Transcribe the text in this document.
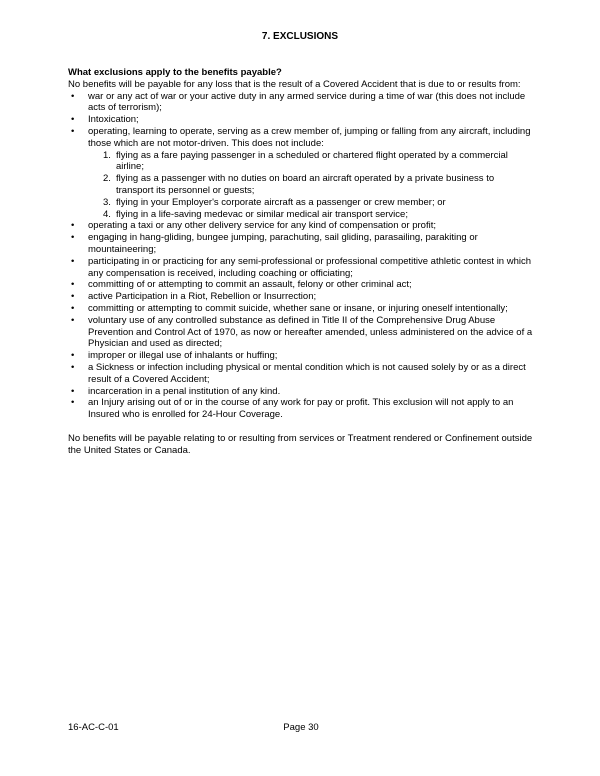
7. EXCLUSIONS
What exclusions apply to the benefits payable?

No benefits will be payable for any loss that is the result of a Covered Accident that is due to or results from:

•	war or any act of war or your active duty in any armed service during a time of war (this does not include acts of terrorism);
•	Intoxication;
•	operating, learning to operate, serving as a crew member of, jumping or falling from any aircraft, including those which are not motor-driven. This does not include:
1. flying as a fare paying passenger in a scheduled or chartered flight operated by a commercial airline;
2. flying as a passenger with no duties on board an aircraft operated by a private business to transport its personnel or guests;
3. flying in your Employer's corporate aircraft as a passenger or crew member; or
4. flying in a life-saving medevac or similar medical air transport service;
•	operating a taxi or any other delivery service for any kind of compensation or profit;
•	engaging in hang-gliding, bungee jumping, parachuting, sail gliding, parasailing, parakiting or mountaineering;
•	participating in or practicing for any semi-professional or professional competitive athletic contest in which any compensation is received, including coaching or officiating;
•	committing of or attempting to commit an assault, felony or other criminal act;
•	active Participation in a Riot, Rebellion or Insurrection;
•	committing or attempting to commit suicide, whether sane or insane, or injuring oneself intentionally;
•	voluntary use of any controlled substance as defined in Title II of the Comprehensive Drug Abuse Prevention and Control Act of 1970, as now or hereafter amended, unless administered on the advice of a Physician and used as directed;
•	improper or illegal use of inhalants or huffing;
•	a Sickness or infection including physical or mental condition which is not caused solely by or as a direct result of a Covered Accident;
•	incarceration in a penal institution of any kind.
•	an Injury arising out of or in the course of any work for pay or profit. This exclusion will not apply to an Insured who is enrolled for 24-Hour Coverage.

No benefits will be payable relating to or resulting from services or Treatment rendered or Confinement outside the United States or Canada.

16-AC-C-01	Page 30
